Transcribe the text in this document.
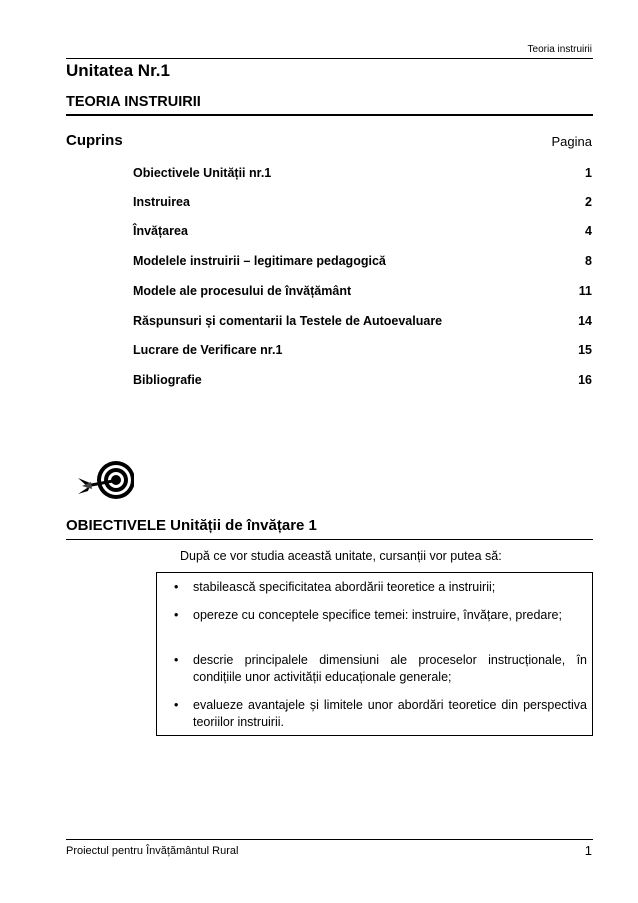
Teoria instruirii
Unitatea Nr.1
TEORIA INSTRUIRII
Cuprins	Pagina
Obiectivele Unității nr.1	1
Instruirea	2
Învățarea	4
Modelele instruirii – legitimare pedagogică	8
Modele ale procesului de învățământ	11
Răspunsuri și comentarii la Testele de Autoevaluare	14
Lucrare de Verificare nr.1	15
Bibliografie	16
OBIECTIVELE Unității de învățare 1
După ce vor studia această unitate, cursanții vor putea să:
• stabilească specificitatea abordării teoretice a instruirii;
• opereze cu conceptele specifice temei: instruire, învățare, predare;
• descrie principalele dimensiuni ale proceselor instrucționale, în condițiile unor activității educaționale generale;
• evalueze avantajele și limitele unor abordări teoretice din perspectiva teoriilor instruirii.
Proiectul pentru Învățământul Rural	1
